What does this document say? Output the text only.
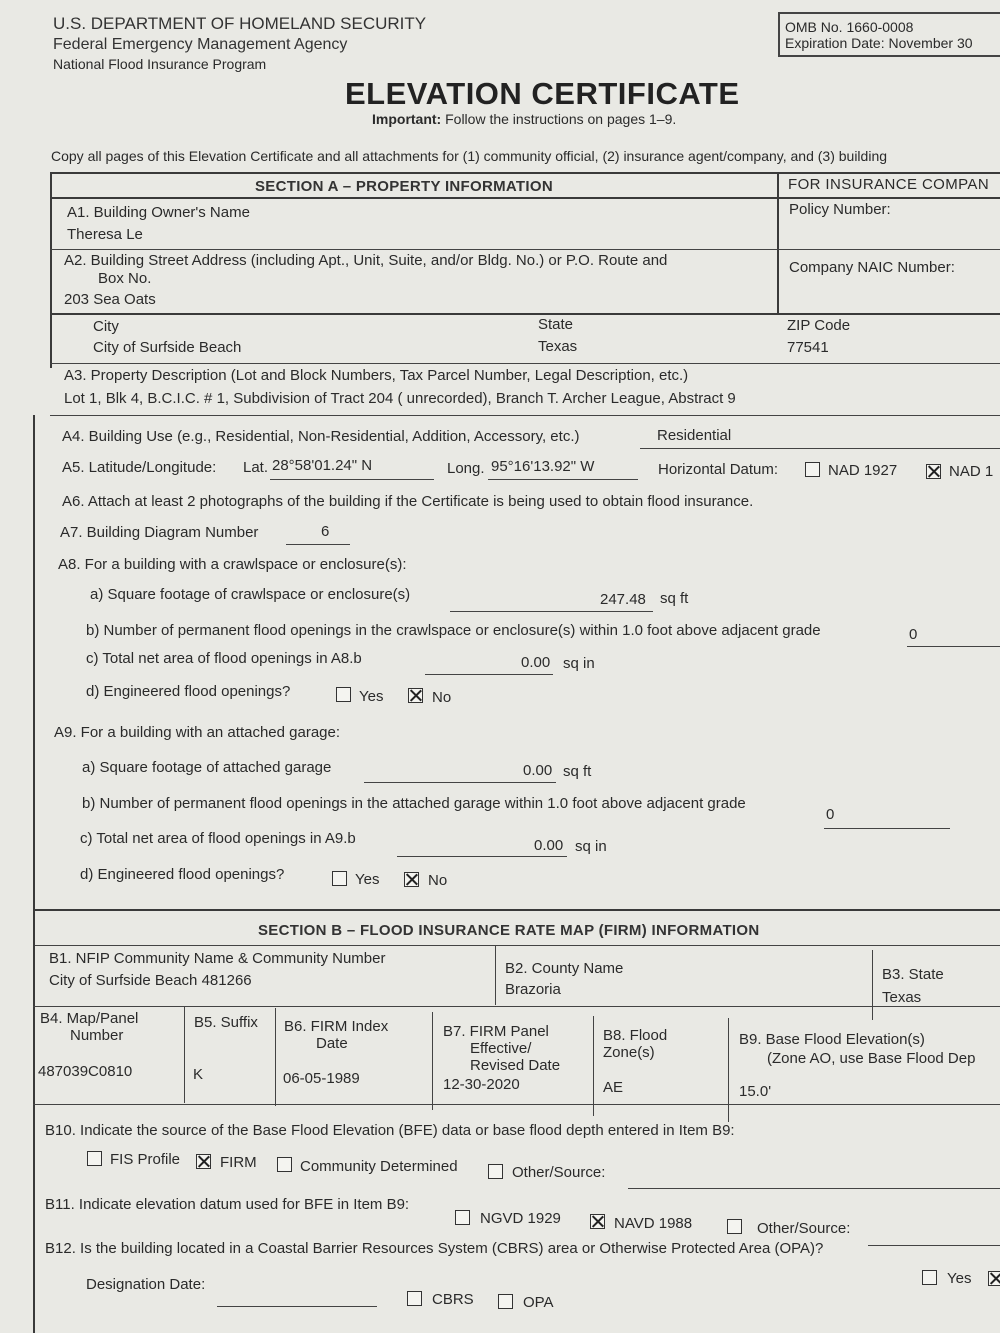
U.S. DEPARTMENT OF HOMELAND SECURITY
Federal Emergency Management Agency
National Flood Insurance Program
OMB No. 1660-0008
Expiration Date: November 30
ELEVATION CERTIFICATE
Important: Follow the instructions on pages 1–9.
Copy all pages of this Elevation Certificate and all attachments for (1) community official, (2) insurance agent/company, and (3) building
SECTION A – PROPERTY INFORMATION	FOR INSURANCE COMPAN
Policy Number:
Company NAIC Number:
A1. Building Owner's Name
Theresa Le
A2. Building Street Address (including Apt., Unit, Suite, and/or Bldg. No.) or P.O. Route and
Box No.
203 Sea Oats
City
City of Surfside Beach
State
Texas
ZIP Code
77541
A3. Property Description (Lot and Block Numbers, Tax Parcel Number, Legal Description, etc.)
Lot 1, Blk 4, B.C.I.C. # 1, Subdivision of Tract 204 ( unrecorded), Branch T. Archer League, Abstract 9
A4. Building Use (e.g., Residential, Non-Residential, Addition, Accessory, etc.)	Residential
A5. Latitude/Longitude: Lat. 28°58'01.24" N	Long. 95°16'13.92" W	Horizontal Datum:	NAD 1927	NAD 1
A6. Attach at least 2 photographs of the building if the Certificate is being used to obtain flood insurance.
A7. Building Diagram Number	6
A8. For a building with a crawlspace or enclosure(s):
a) Square footage of crawlspace or enclosure(s)	247.48 sq ft
b) Number of permanent flood openings in the crawlspace or enclosure(s) within 1.0 foot above adjacent grade	0
c) Total net area of flood openings in A8.b	0.00 sq in
d) Engineered flood openings?	Yes	No
A9. For a building with an attached garage:
a) Square footage of attached garage	0.00 sq ft
b) Number of permanent flood openings in the attached garage within 1.0 foot above adjacent grade
0
c) Total net area of flood openings in A9.b	0.00 sq in
d) Engineered flood openings?	Yes	No
SECTION B – FLOOD INSURANCE RATE MAP (FIRM) INFORMATION
B1. NFIP Community Name & Community Number
City of Surfside Beach 481266
B2. County Name
Brazoria
B3. State
Texas
B4. Map/Panel
Number
487039C0810
B5. Suffix
K
B6. FIRM Index
Date
06-05-1989
B7. FIRM Panel
Effective/
Revised Date
12-30-2020
B8. Flood
Zone(s)
AE
B9. Base Flood Elevation(s)
(Zone AO, use Base Flood Dep
15.0'
B10. Indicate the source of the Base Flood Elevation (BFE) data or base flood depth entered in Item B9:
FIS Profile	FIRM	Community Determined	Other/Source:
B11. Indicate elevation datum used for BFE in Item B9:
NGVD 1929	NAVD 1988	Other/Source:
B12. Is the building located in a Coastal Barrier Resources System (CBRS) area or Otherwise Protected Area (OPA)?
Yes
Designation Date:
CBRS	OPA
